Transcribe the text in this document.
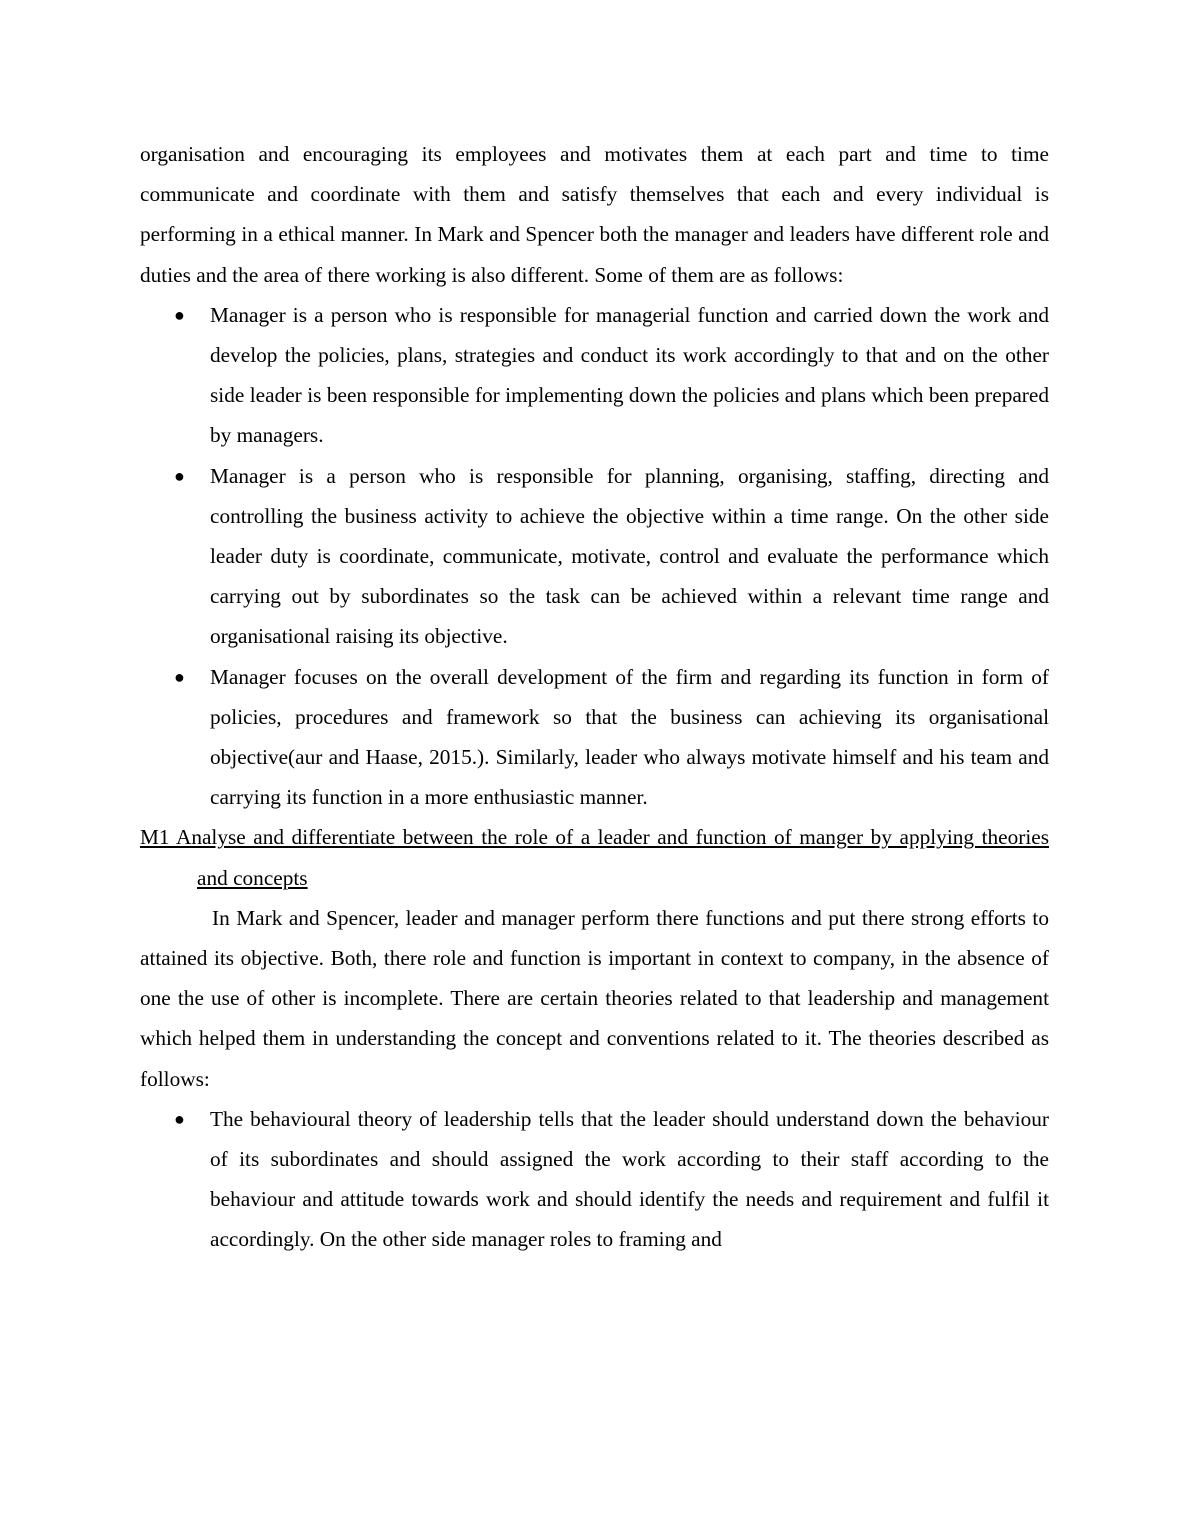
organisation and encouraging its employees and motivates them at each part and time to time communicate and coordinate with them and satisfy themselves that each and every individual is performing in a ethical manner. In Mark and Spencer both the manager and leaders have different role and duties and the area of there working is also different. Some of them are as follows:

● Manager is a person who is responsible for managerial function and carried down the work and develop the policies, plans, strategies and conduct its work accordingly to that and on the other side leader is been responsible for implementing down the policies and plans which been prepared by managers.
● Manager is a person who is responsible for planning, organising, staffing, directing and controlling the business activity to achieve the objective within a time range. On the other side leader duty is coordinate, communicate, motivate, control and evaluate the performance which carrying out by subordinates so the task can be achieved within a relevant time range and organisational raising its objective.
● Manager focuses on the overall development of the firm and regarding its function in form of policies, procedures and framework so that the business can achieving its organisational objective(aur and Haase, 2015.). Similarly, leader who always motivate himself and his team and carrying its function in a more enthusiastic manner.

M1 Analyse and differentiate between the role of a leader and function of manger by applying theories and concepts

In Mark and Spencer, leader and manager perform there functions and put there strong efforts to attained its objective. Both, there role and function is important in context to company, in the absence of one the use of other is incomplete. There are certain theories related to that leadership and management which helped them in understanding the concept and conventions related to it. The theories described as follows:

● The behavioural theory of leadership tells that the leader should understand down the behaviour of its subordinates and should assigned the work according to their staff according to the behaviour and attitude towards work and should identify the needs and requirement and fulfil it accordingly. On the other side manager roles to framing and
